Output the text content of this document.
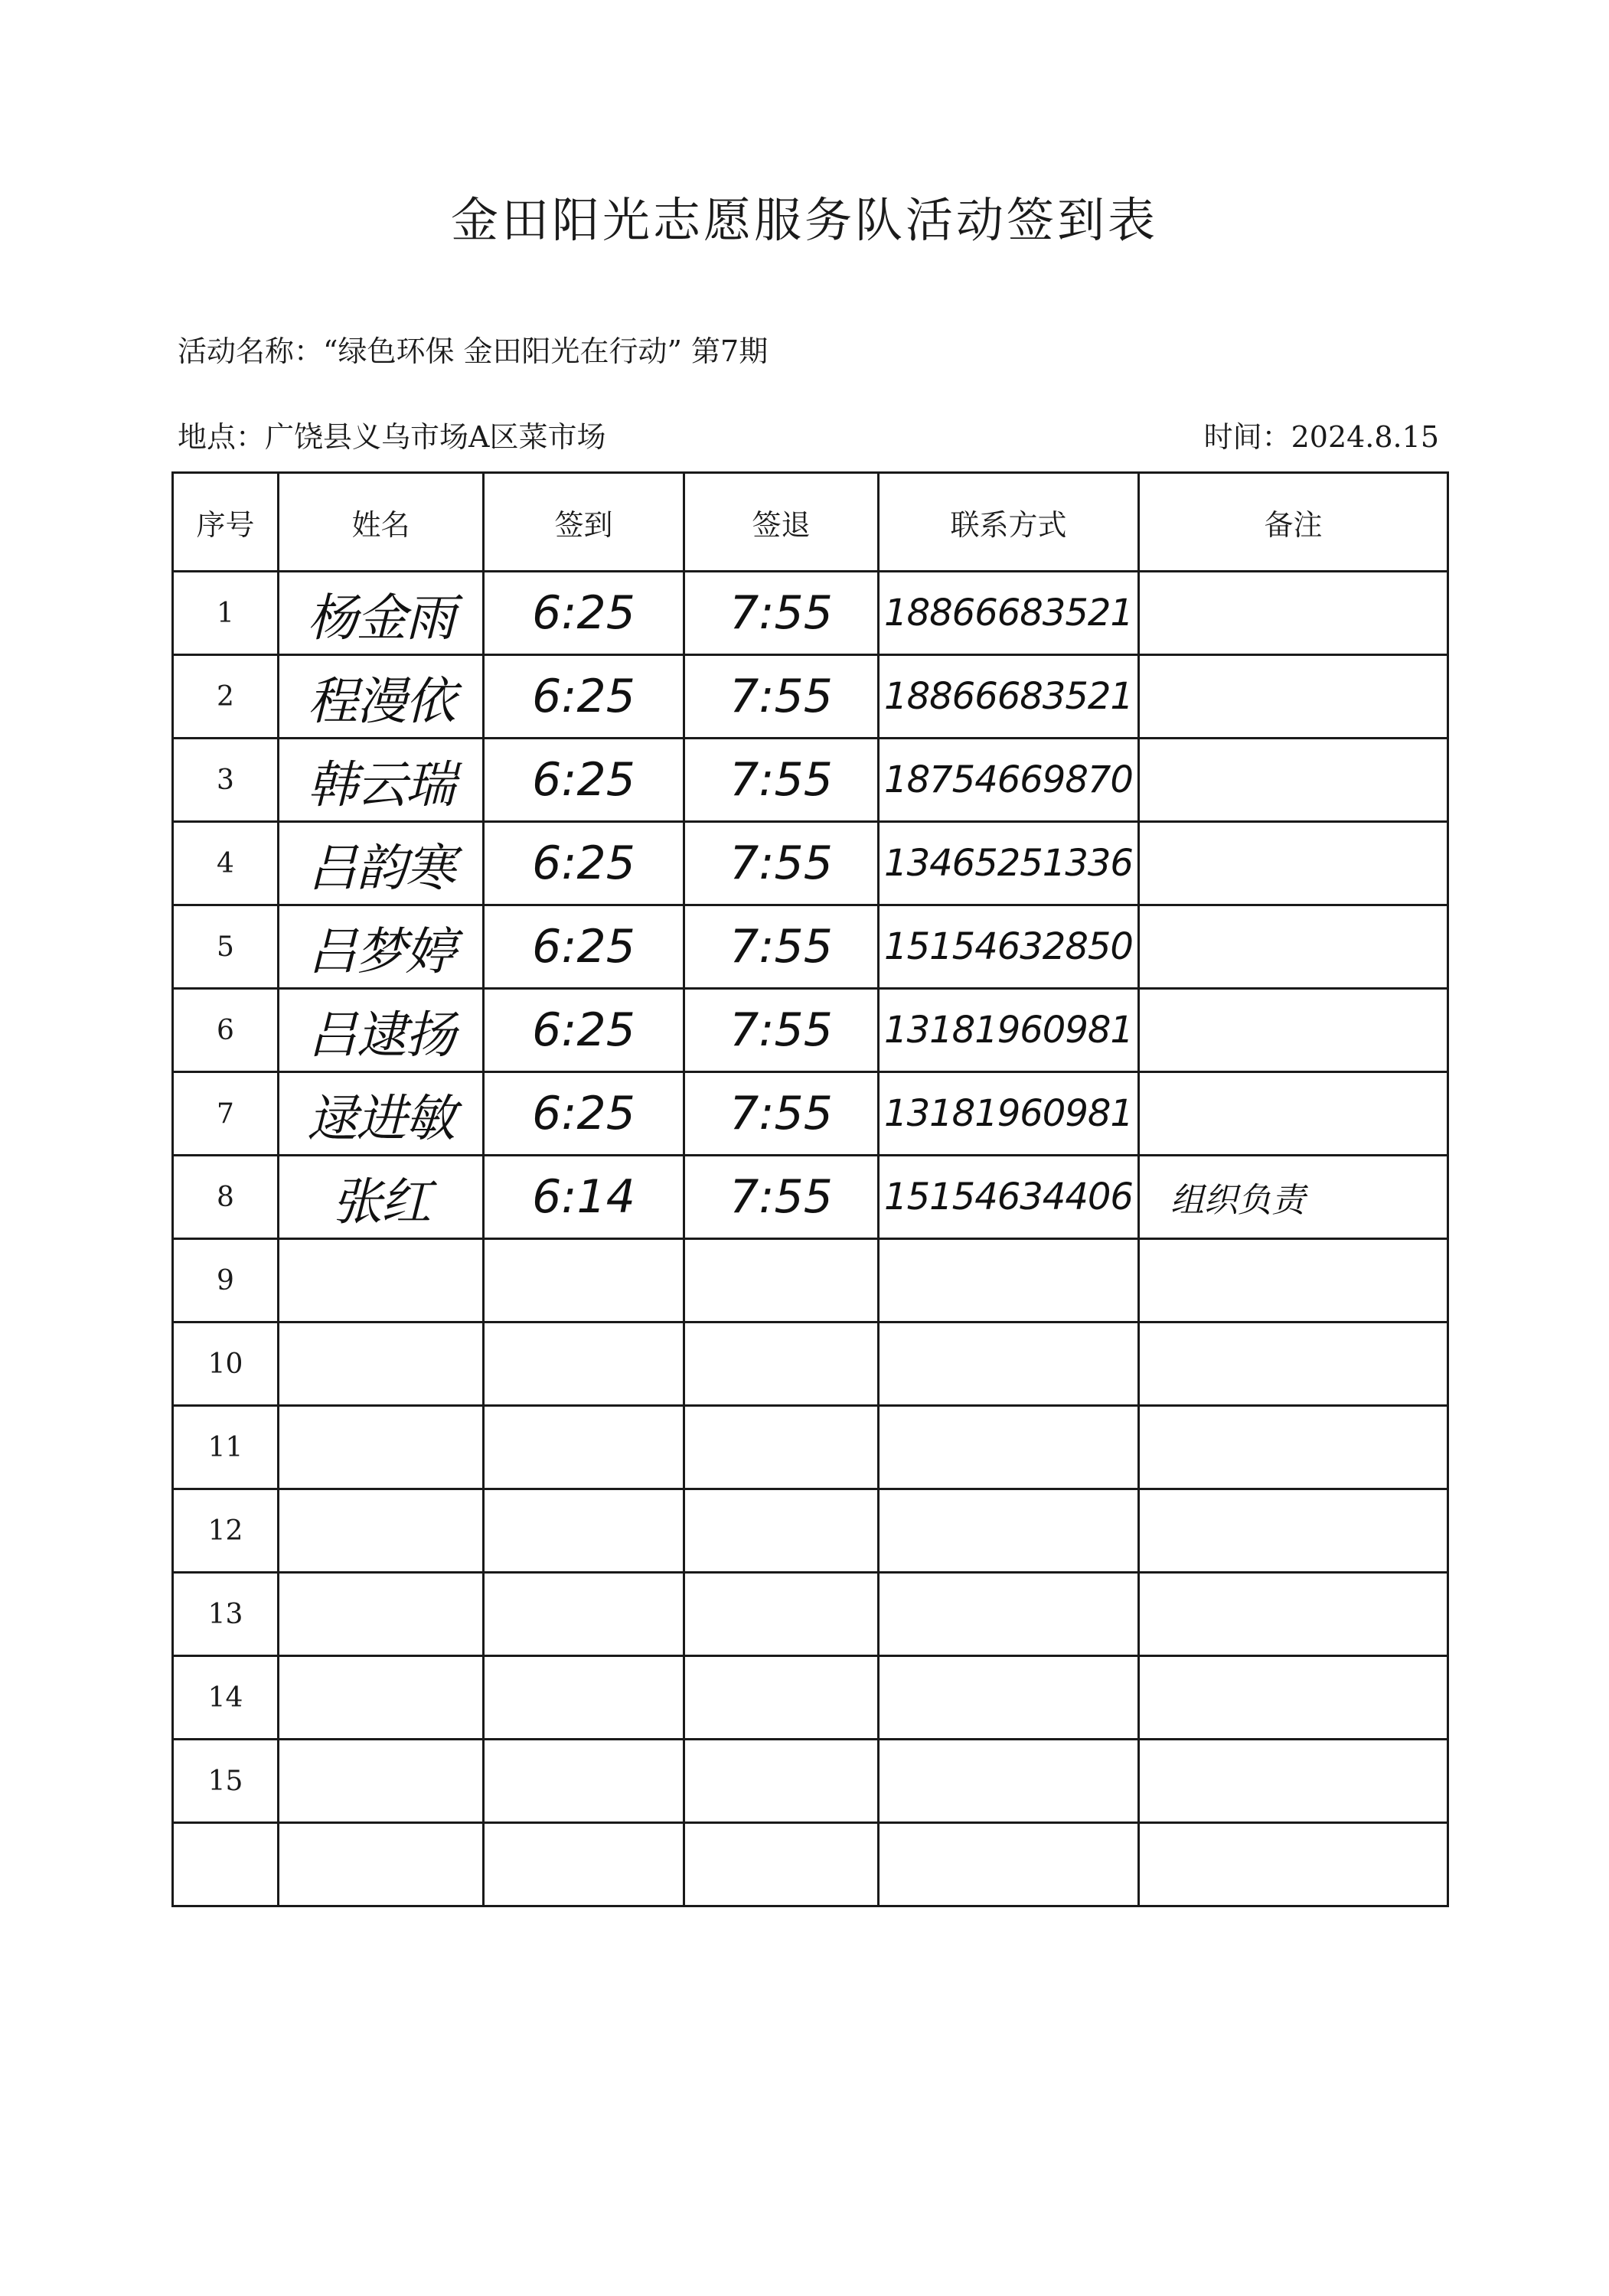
金田阳光志愿服务队活动签到表
活动名称：“绿色环保 金田阳光在行动” 第7期
地点：广饶县义乌市场A区菜市场	时间：2024.8.15
序号	姓名	签到	签退	联系方式	备注
1	杨金雨	6:25	7:55	18866683521	
2	程漫依	6:25	7:55	18866683521	
3	韩云瑞	6:25	7:55	18754669870	
4	吕韵寒	6:25	7:55	13465251336	
5	吕梦婷	6:25	7:55	15154632850	
6	吕逮扬	6:25	7:55	13181960981	
7	逯进敏	6:25	7:55	13181960981	
8	张红	6:14	7:55	15154634406	组织负责
9					
10					
11					
12					
13					
14					
15					
